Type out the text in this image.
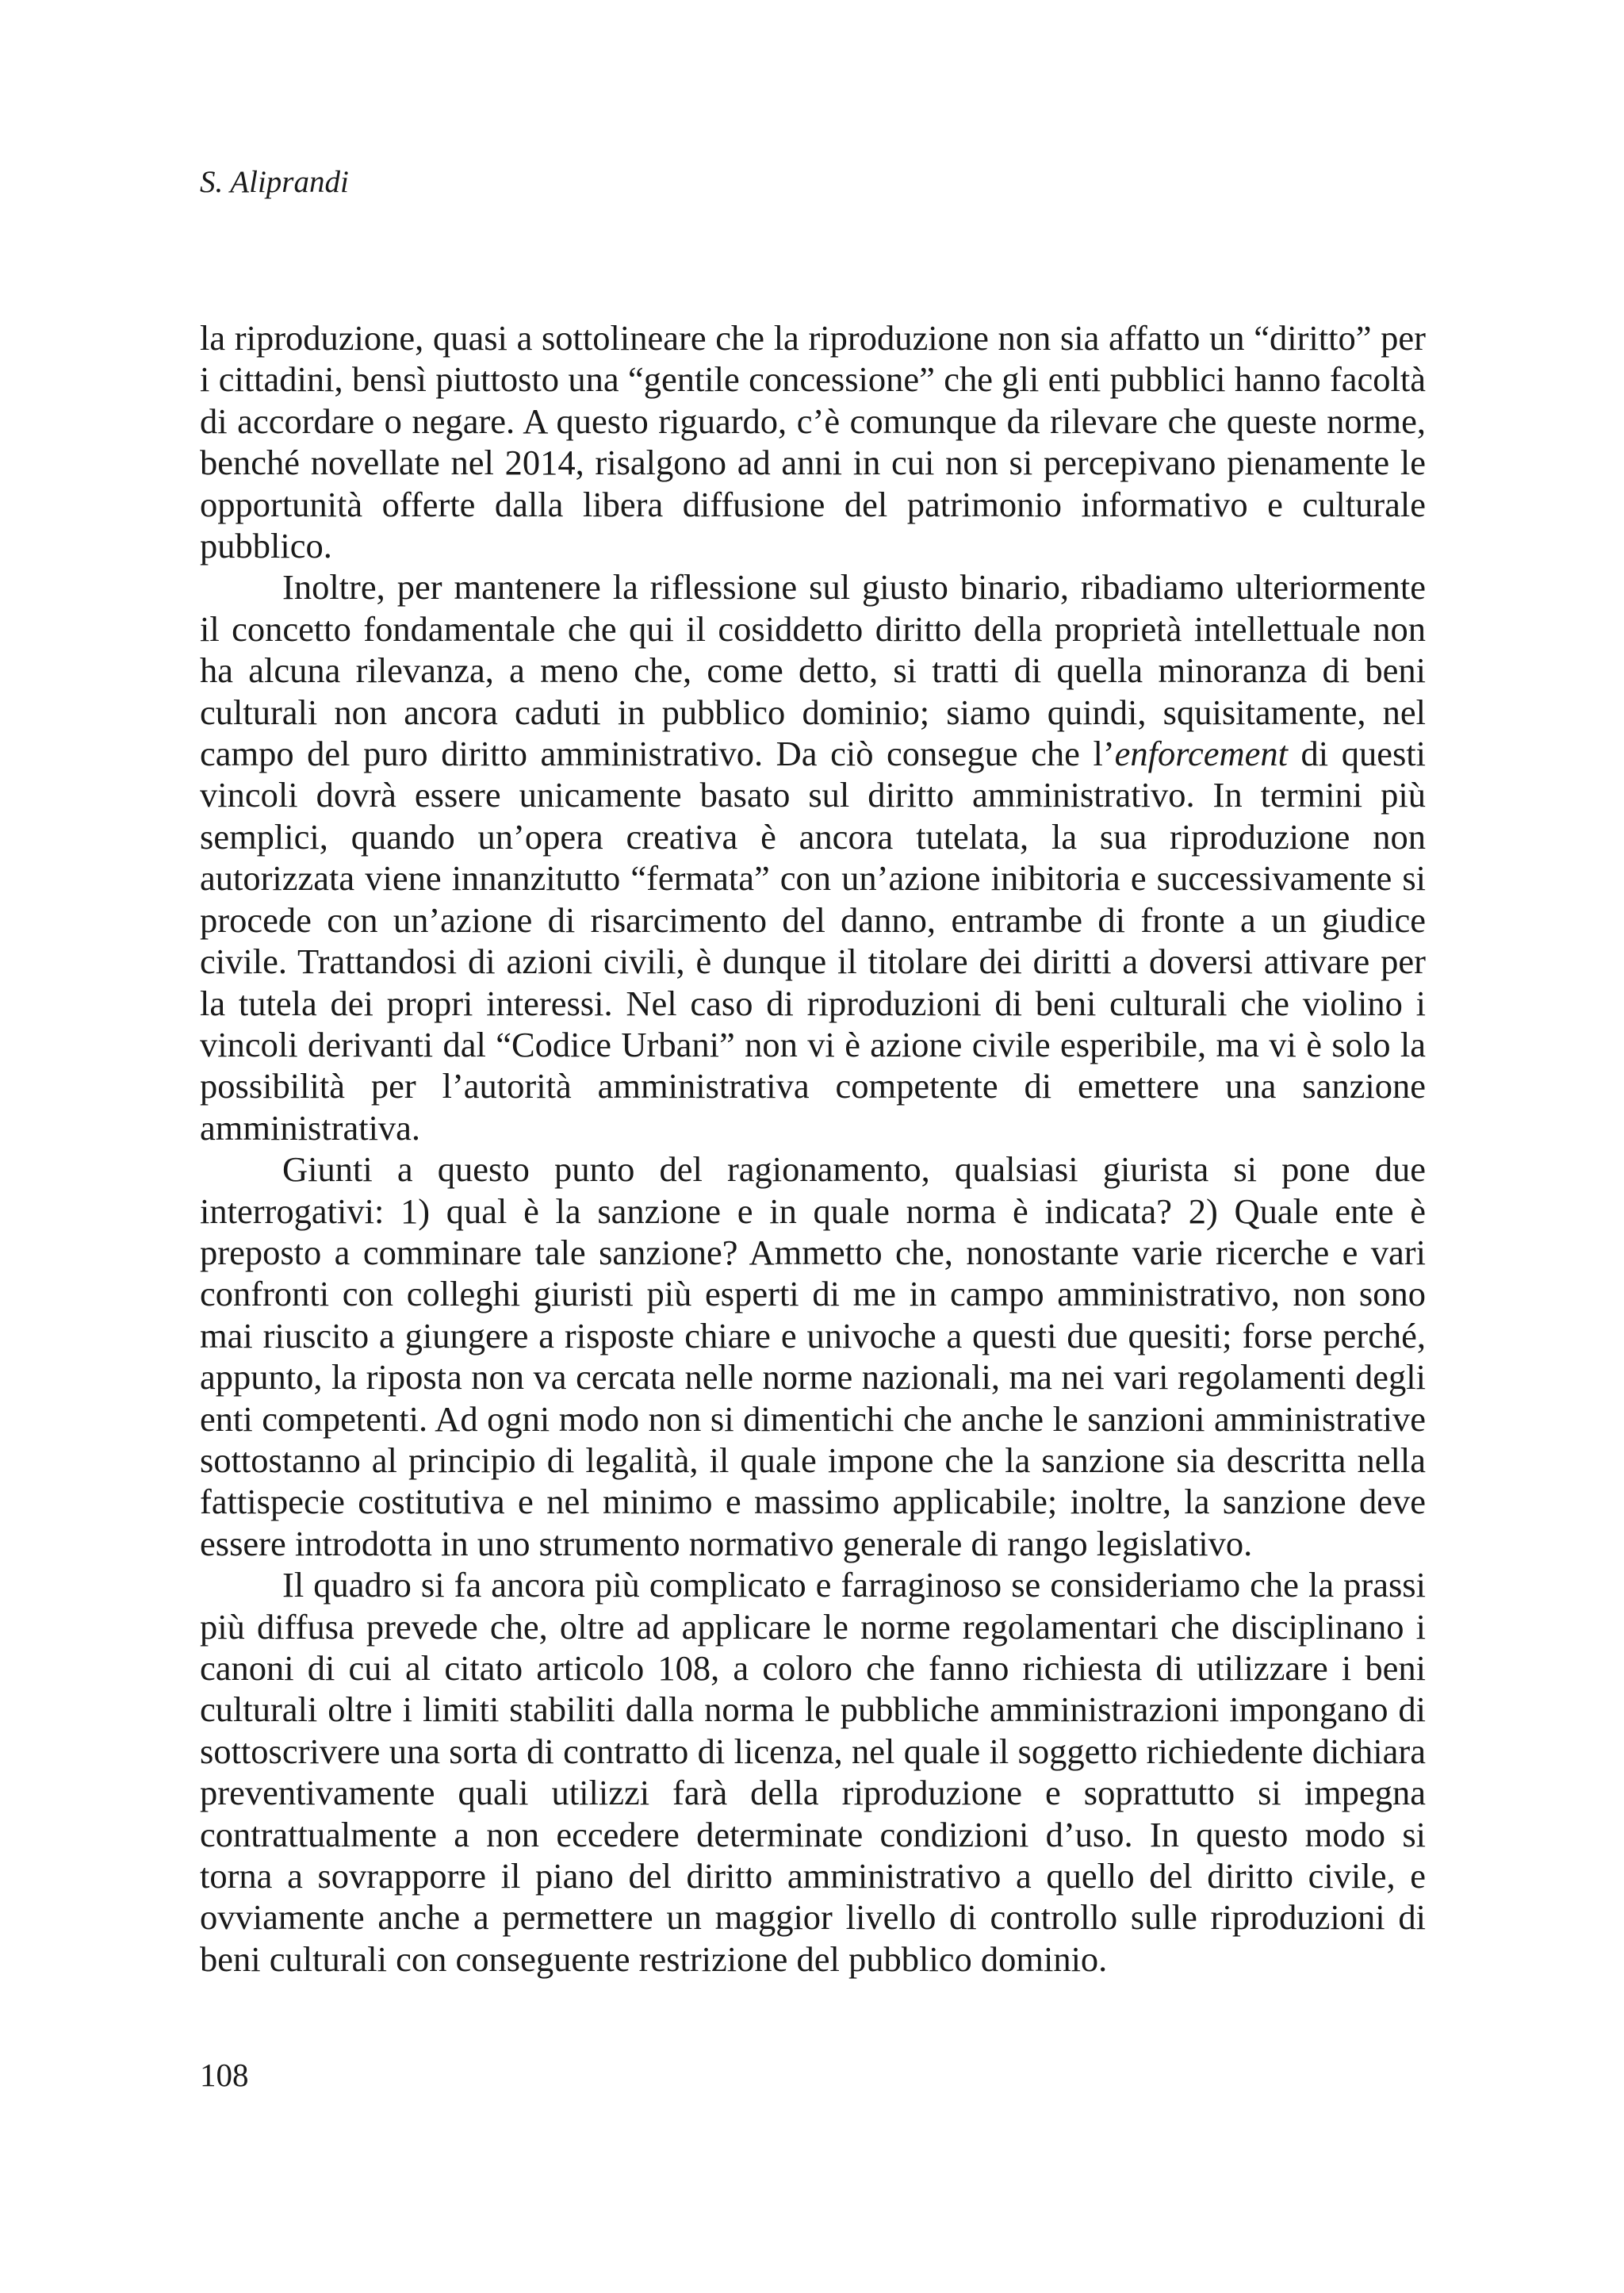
S. Aliprandi

la riproduzione, quasi a sottolineare che la riproduzione non sia affatto un “diritto” per i cittadini, bensì piuttosto una “gentile concessione” che gli enti pubblici hanno facoltà di accordare o negare. A questo riguardo, c’è comunque da rilevare che queste norme, benché novellate nel 2014, risalgono ad anni in cui non si percepivano pienamente le opportunità offerte dalla libera diffusione del patrimonio informativo e culturale pubblico.

Inoltre, per mantenere la riflessione sul giusto binario, ribadiamo ulteriormente il concetto fondamentale che qui il cosiddetto diritto della proprietà intellettuale non ha alcuna rilevanza, a meno che, come detto, si tratti di quella minoranza di beni culturali non ancora caduti in pubblico dominio; siamo quindi, squisitamente, nel campo del puro diritto amministrativo. Da ciò consegue che l’enforcement di questi vincoli dovrà essere unicamente basato sul diritto amministrativo. In termini più semplici, quando un’opera creativa è ancora tutelata, la sua riproduzione non autorizzata viene innanzitutto “fermata” con un’azione inibitoria e successivamente si procede con un’azione di risarcimento del danno, entrambe di fronte a un giudice civile. Trattandosi di azioni civili, è dunque il titolare dei diritti a doversi attivare per la tutela dei propri interessi. Nel caso di riproduzioni di beni culturali che violino i vincoli derivanti dal “Codice Urbani” non vi è azione civile esperibile, ma vi è solo la possibilità per l’autorità amministrativa competente di emettere una sanzione amministrativa.

Giunti a questo punto del ragionamento, qualsiasi giurista si pone due interrogativi: 1) qual è la sanzione e in quale norma è indicata? 2) Quale ente è preposto a comminare tale sanzione? Ammetto che, nonostante varie ricerche e vari confronti con colleghi giuristi più esperti di me in campo amministrativo, non sono mai riuscito a giungere a risposte chiare e univoche a questi due quesiti; forse perché, appunto, la riposta non va cercata nelle norme nazionali, ma nei vari regolamenti degli enti competenti. Ad ogni modo non si dimentichi che anche le sanzioni amministrative sottostanno al principio di legalità, il quale impone che la sanzione sia descritta nella fattispecie costitutiva e nel minimo e massimo applicabile; inoltre, la sanzione deve essere introdotta in uno strumento normativo generale di rango legislativo.

Il quadro si fa ancora più complicato e farraginoso se consideriamo che la prassi più diffusa prevede che, oltre ad applicare le norme regolamentari che disciplinano i canoni di cui al citato articolo 108, a coloro che fanno richiesta di utilizzare i beni culturali oltre i limiti stabiliti dalla norma le pubbliche amministrazioni impongano di sottoscrivere una sorta di contratto di licenza, nel quale il soggetto richiedente dichiara preventivamente quali utilizzi farà della riproduzione e soprattutto si impegna contrattualmente a non eccedere determinate condizioni d’uso. In questo modo si torna a sovrapporre il piano del diritto amministrativo a quello del diritto civile, e ovviamente anche a permettere un maggior livello di controllo sulle riproduzioni di beni culturali con conseguente restrizione del pubblico dominio.

108
